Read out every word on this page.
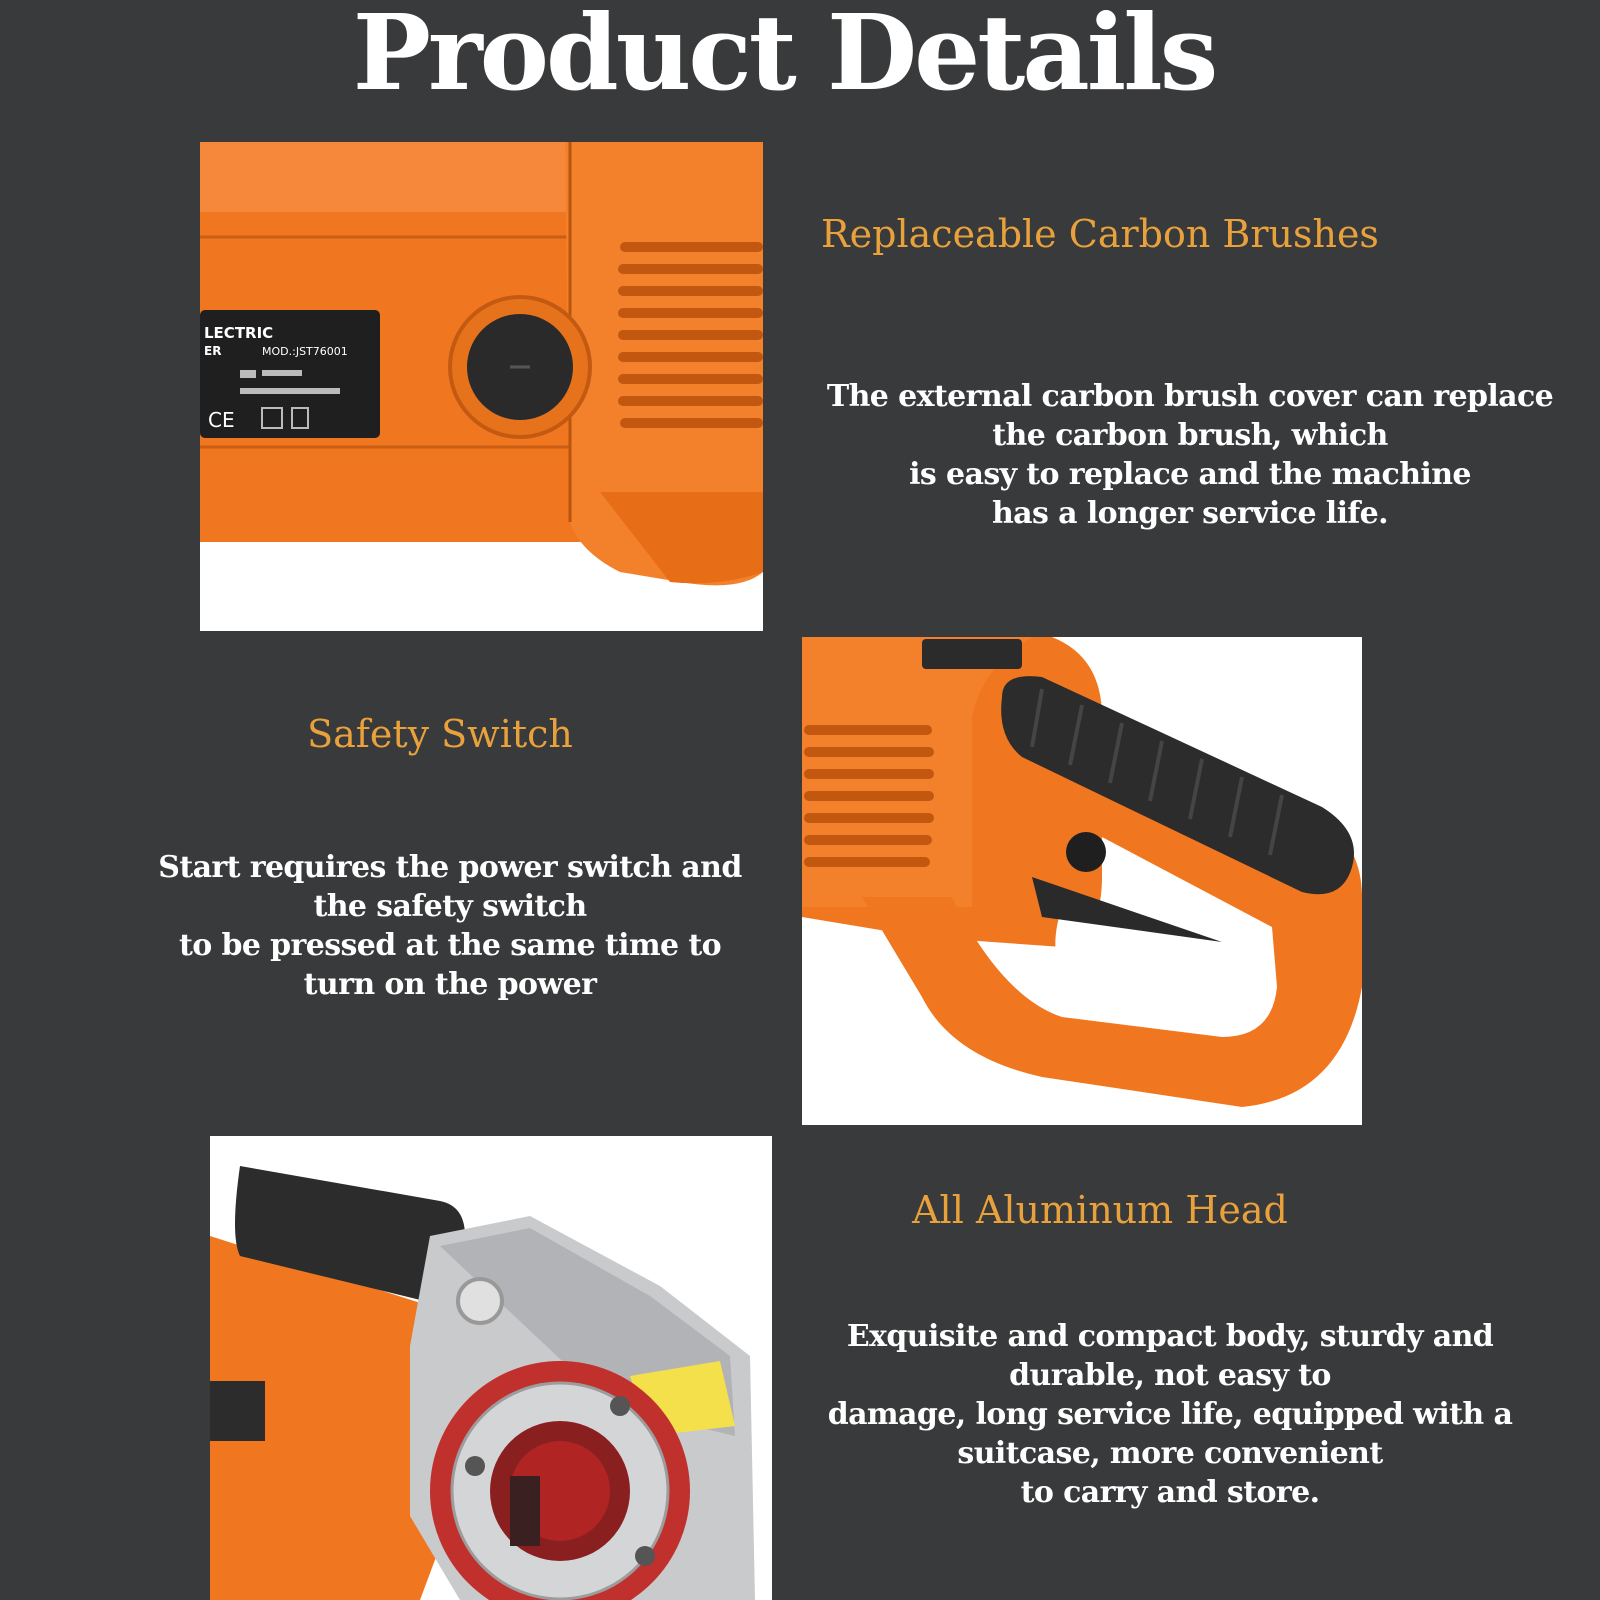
Product Details
LECTRIC
ER	MOD.:JST76001
CE
Replaceable Carbon Brushes
The external carbon brush cover can replace
the carbon brush, which
is easy to replace and the machine
has a longer service life.
Safety Switch
Start requires the power switch and
the safety switch
to be pressed at the same time to
turn on the power
All Aluminum Head
Exquisite and compact body, sturdy and
durable, not easy to
damage, long service life, equipped with a
suitcase, more convenient
to carry and store.
